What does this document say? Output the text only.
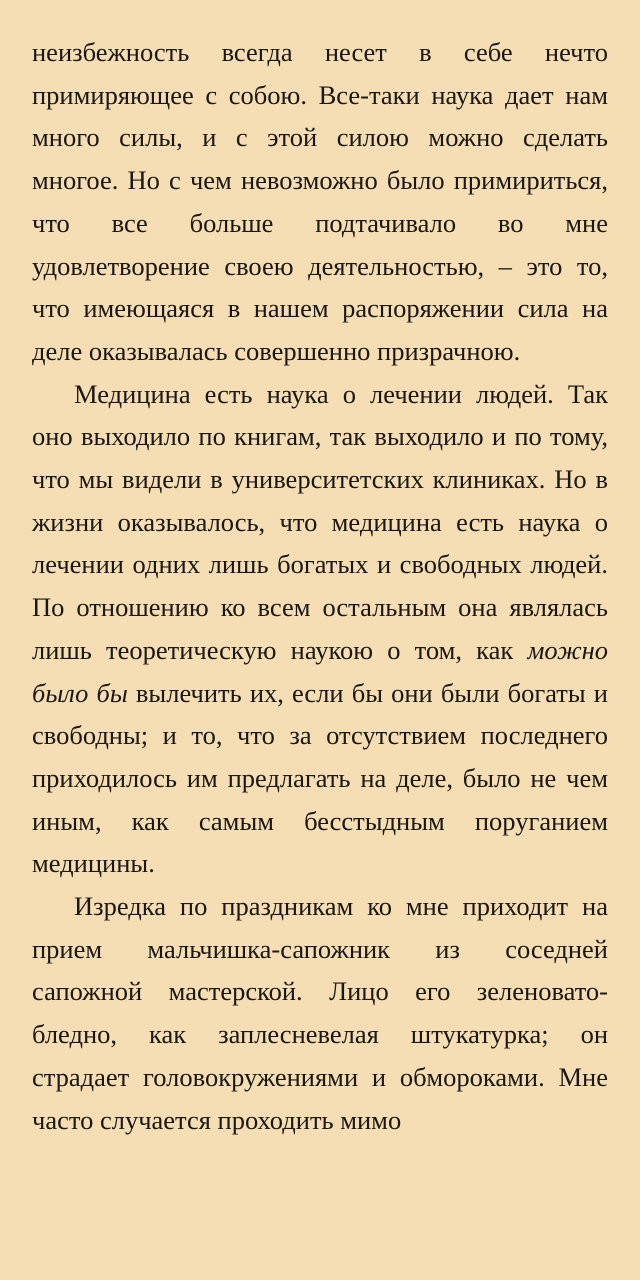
неизбежность всегда несет в себе нечто примиряющее с собою. Все-таки наука дает нам много силы, и с этой силою можно сделать многое. Но с чем невозможно было примириться, что все больше подтачивало во мне удовлетворение своею деятельностью, – это то, что имеющаяся в нашем распоряжении сила на деле оказывалась совершенно призрачною.

Медицина есть наука о лечении людей. Так оно выходило по книгам, так выходило и по тому, что мы видели в университетских клиниках. Но в жизни оказывалось, что медицина есть наука о лечении одних лишь богатых и свободных людей. По отношению ко всем остальным она являлась лишь теоретическую наукою о том, как можно было бы вылечить их, если бы они были богаты и свободны; и то, что за отсутствием последнего приходилось им предлагать на деле, было не чем иным, как самым бесстыдным поруганием медицины.

Изредка по праздникам ко мне приходит на прием мальчишка-сапожник из соседней сапожной мастерской. Лицо его зеленовато-бледно, как заплесневелая штукатурка; он страдает головокружениями и обмороками. Мне часто случается проходить мимо
